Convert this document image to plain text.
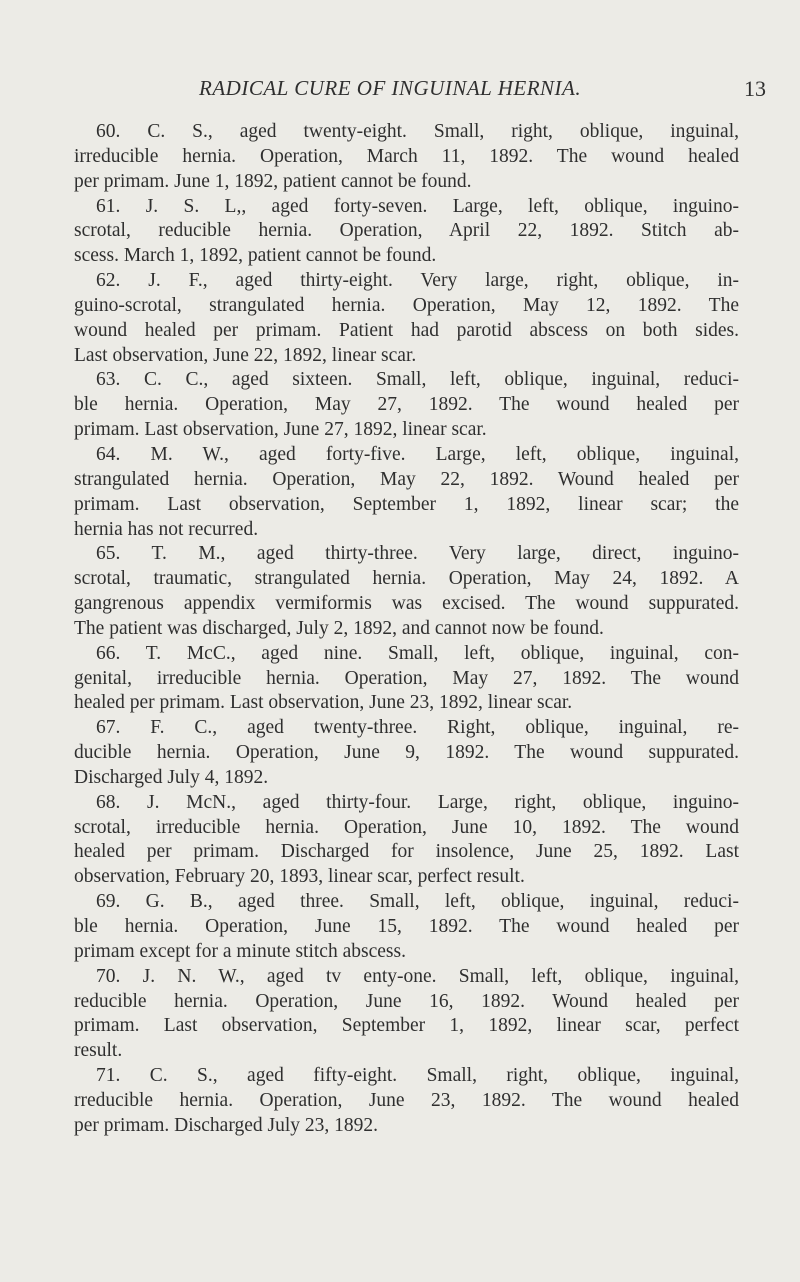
RADICAL CURE OF INGUINAL HERNIA.	13
60. C. S., aged twenty-eight. Small, right, oblique, inguinal,
irreducible hernia. Operation, March 11, 1892. The wound healed
per primam. June 1, 1892, patient cannot be found.
61. J. S. L,, aged forty-seven. Large, left, oblique, inguino-
scrotal, reducible hernia. Operation, April 22, 1892. Stitch ab-
scess. March 1, 1892, patient cannot be found.
62. J. F., aged thirty-eight. Very large, right, oblique, in-
guino-scrotal, strangulated hernia. Operation, May 12, 1892. The
wound healed per primam. Patient had parotid abscess on both sides.
Last observation, June 22, 1892, linear scar.
63. C. C., aged sixteen. Small, left, oblique, inguinal, reduci-
ble hernia. Operation, May 27, 1892. The wound healed per
primam. Last observation, June 27, 1892, linear scar.
64. M. W., aged forty-five. Large, left, oblique, inguinal,
strangulated hernia. Operation, May 22, 1892. Wound healed per
primam. Last observation, September 1, 1892, linear scar; the
hernia has not recurred.
65. T. M., aged thirty-three. Very large, direct, inguino-
scrotal, traumatic, strangulated hernia. Operation, May 24, 1892. A
gangrenous appendix vermiformis was excised. The wound suppurated.
The patient was discharged, July 2, 1892, and cannot now be found.
66. T. McC., aged nine. Small, left, oblique, inguinal, con-
genital, irreducible hernia. Operation, May 27, 1892. The wound
healed per primam. Last observation, June 23, 1892, linear scar.
67. F. C., aged twenty-three. Right, oblique, inguinal, re-
ducible hernia. Operation, June 9, 1892. The wound suppurated.
Discharged July 4, 1892.
68. J. McN., aged thirty-four. Large, right, oblique, inguino-
scrotal, irreducible hernia. Operation, June 10, 1892. The wound
healed per primam. Discharged for insolence, June 25, 1892. Last
observation, February 20, 1893, linear scar, perfect result.
69. G. B., aged three. Small, left, oblique, inguinal, reduci-
ble hernia. Operation, June 15, 1892. The wound healed per
primam except for a minute stitch abscess.
70. J. N. W., aged tv enty-one. Small, left, oblique, inguinal,
reducible hernia. Operation, June 16, 1892. Wound healed per
primam. Last observation, September 1, 1892, linear scar, perfect
result.
71. C. S., aged fifty-eight. Small, right, oblique, inguinal,
rreducible hernia. Operation, June 23, 1892. The wound healed
per primam. Discharged July 23, 1892.
